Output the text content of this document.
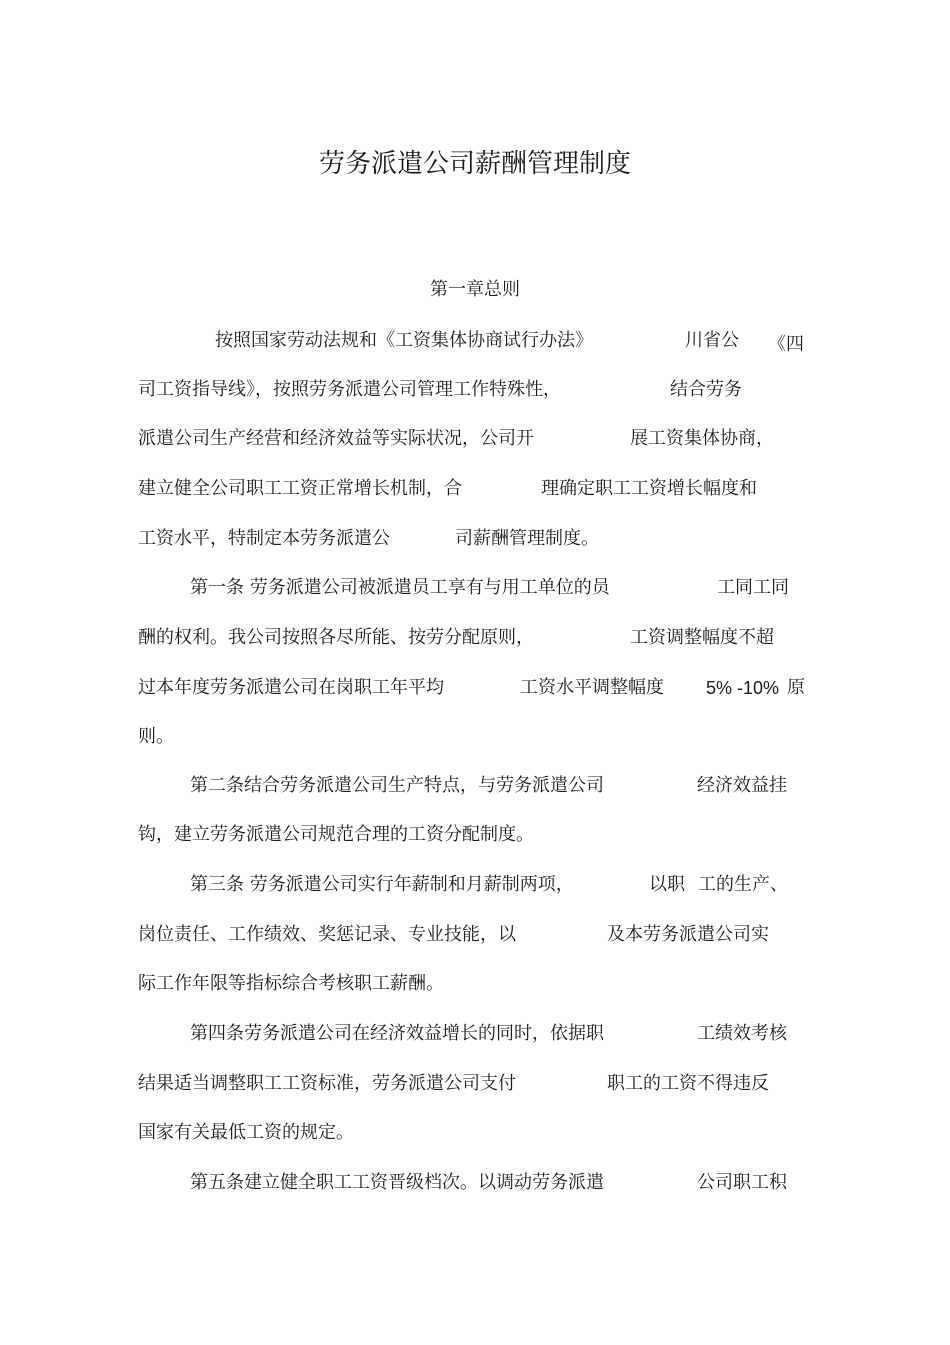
劳务派遣公司薪酬管理制度
第一章总则
按照国家劳动法规和《工资集体协商试行办法》	川省公 《四
司工资指导线》，按照劳务派遣公司管理工作特殊性，	结合劳务
派遣公司生产经营和经济效益等实际状况，公司开	展工资集体协商，
建立健全公司职工工资正常增长机制，合	理确定职工工资增长幅度和
工资水平，特制定本劳务派遣公	司薪酬管理制度。
第一条 劳务派遣公司被派遣员工享有与用工单位的员	工同工同
酬的权利。我公司按照各尽所能、按劳分配原则，	工资调整幅度不超
过本年度劳务派遣公司在岗职工年平均	工资水平调整幅度 5% -10% 原
则。
第二条结合劳务派遣公司生产特点，与劳务派遣公司	经济效益挂
钩，建立劳务派遣公司规范合理的工资分配制度。
第三条 劳务派遣公司实行年薪制和月薪制两项，	以职 工的生产、
岗位责任、工作绩效、奖惩记录、专业技能，以	及本劳务派遣公司实
际工作年限等指标综合考核职工薪酬。
第四条劳务派遣公司在经济效益增长的同时，依据职	工绩效考核
结果适当调整职工工资标准，劳务派遣公司支付	职工的工资不得违反
国家有关最低工资的规定。
第五条建立健全职工工资晋级档次。以调动劳务派遣	公司职工积
